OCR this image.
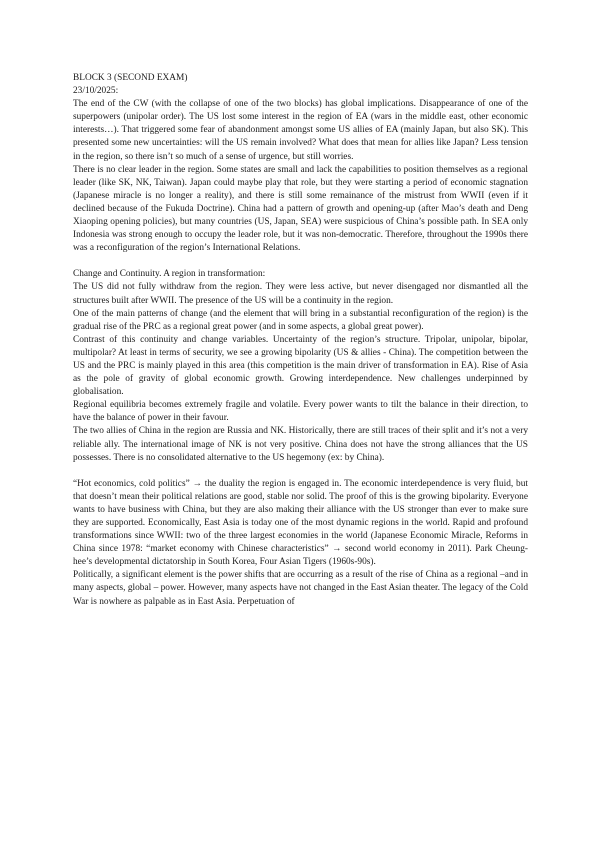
BLOCK 3 (SECOND EXAM)

23/10/2025:

The end of the CW (with the collapse of one of the two blocks) has global implications. Disappearance of one of the superpowers (unipolar order). The US lost some interest in the region of EA (wars in the middle east, other economic interests…). That triggered some fear of abandonment amongst some US allies of EA (mainly Japan, but also SK). This presented some new uncertainties: will the US remain involved? What does that mean for allies like Japan? Less tension in the region, so there isn’t so much of a sense of urgence, but still worries.

There is no clear leader in the region. Some states are small and lack the capabilities to position themselves as a regional leader (like SK, NK, Taiwan). Japan could maybe play that role, but they were starting a period of economic stagnation (Japanese miracle is no longer a reality), and there is still some remainance of the mistrust from WWII (even if it declined because of the Fukuda Doctrine). China had a pattern of growth and opening-up (after Mao’s death and Deng Xiaoping opening policies), but many countries (US, Japan, SEA) were suspicious of China’s possible path. In SEA only Indonesia was strong enough to occupy the leader role, but it was non-democratic. Therefore, throughout the 1990s there was a reconfiguration of the region’s International Relations.

Change and Continuity. A region in transformation:

The US did not fully withdraw from the region. They were less active, but never disengaged nor dismantled all the structures built after WWII. The presence of the US will be a continuity in the region.

One of the main patterns of change (and the element that will bring in a substantial reconfiguration of the region) is the gradual rise of the PRC as a regional great power (and in some aspects, a global great power).

Contrast of this continuity and change variables. Uncertainty of the region’s structure. Tripolar, unipolar, bipolar, multipolar? At least in terms of security, we see a growing bipolarity (US & allies - China). The competition between the US and the PRC is mainly played in this area (this competition is the main driver of transformation in EA). Rise of Asia as the pole of gravity of global economic growth. Growing interdependence. New challenges underpinned by globalisation.

Regional equilibria becomes extremely fragile and volatile. Every power wants to tilt the balance in their direction, to have the balance of power in their favour.

The two allies of China in the region are Russia and NK. Historically, there are still traces of their split and it’s not a very reliable ally. The international image of NK is not very positive. China does not have the strong alliances that the US possesses. There is no consolidated alternative to the US hegemony (ex: by China).

“Hot economics, cold politics” → the duality the region is engaged in. The economic interdependence is very fluid, but that doesn’t mean their political relations are good, stable nor solid. The proof of this is the growing bipolarity. Everyone wants to have business with China, but they are also making their alliance with the US stronger than ever to make sure they are supported. Economically, East Asia is today one of the most dynamic regions in the world. Rapid and profound transformations since WWII: two of the three largest economies in the world (Japanese Economic Miracle, Reforms in China since 1978: “market economy with Chinese characteristics” → second world economy in 2011). Park Cheung-hee’s developmental dictatorship in South Korea, Four Asian Tigers (1960s-90s).

Politically, a significant element is the power shifts that are occurring as a result of the rise of China as a regional –and in many aspects, global – power. However, many aspects have not changed in the East Asian theater. The legacy of the Cold War is nowhere as palpable as in East Asia. Perpetuation of
